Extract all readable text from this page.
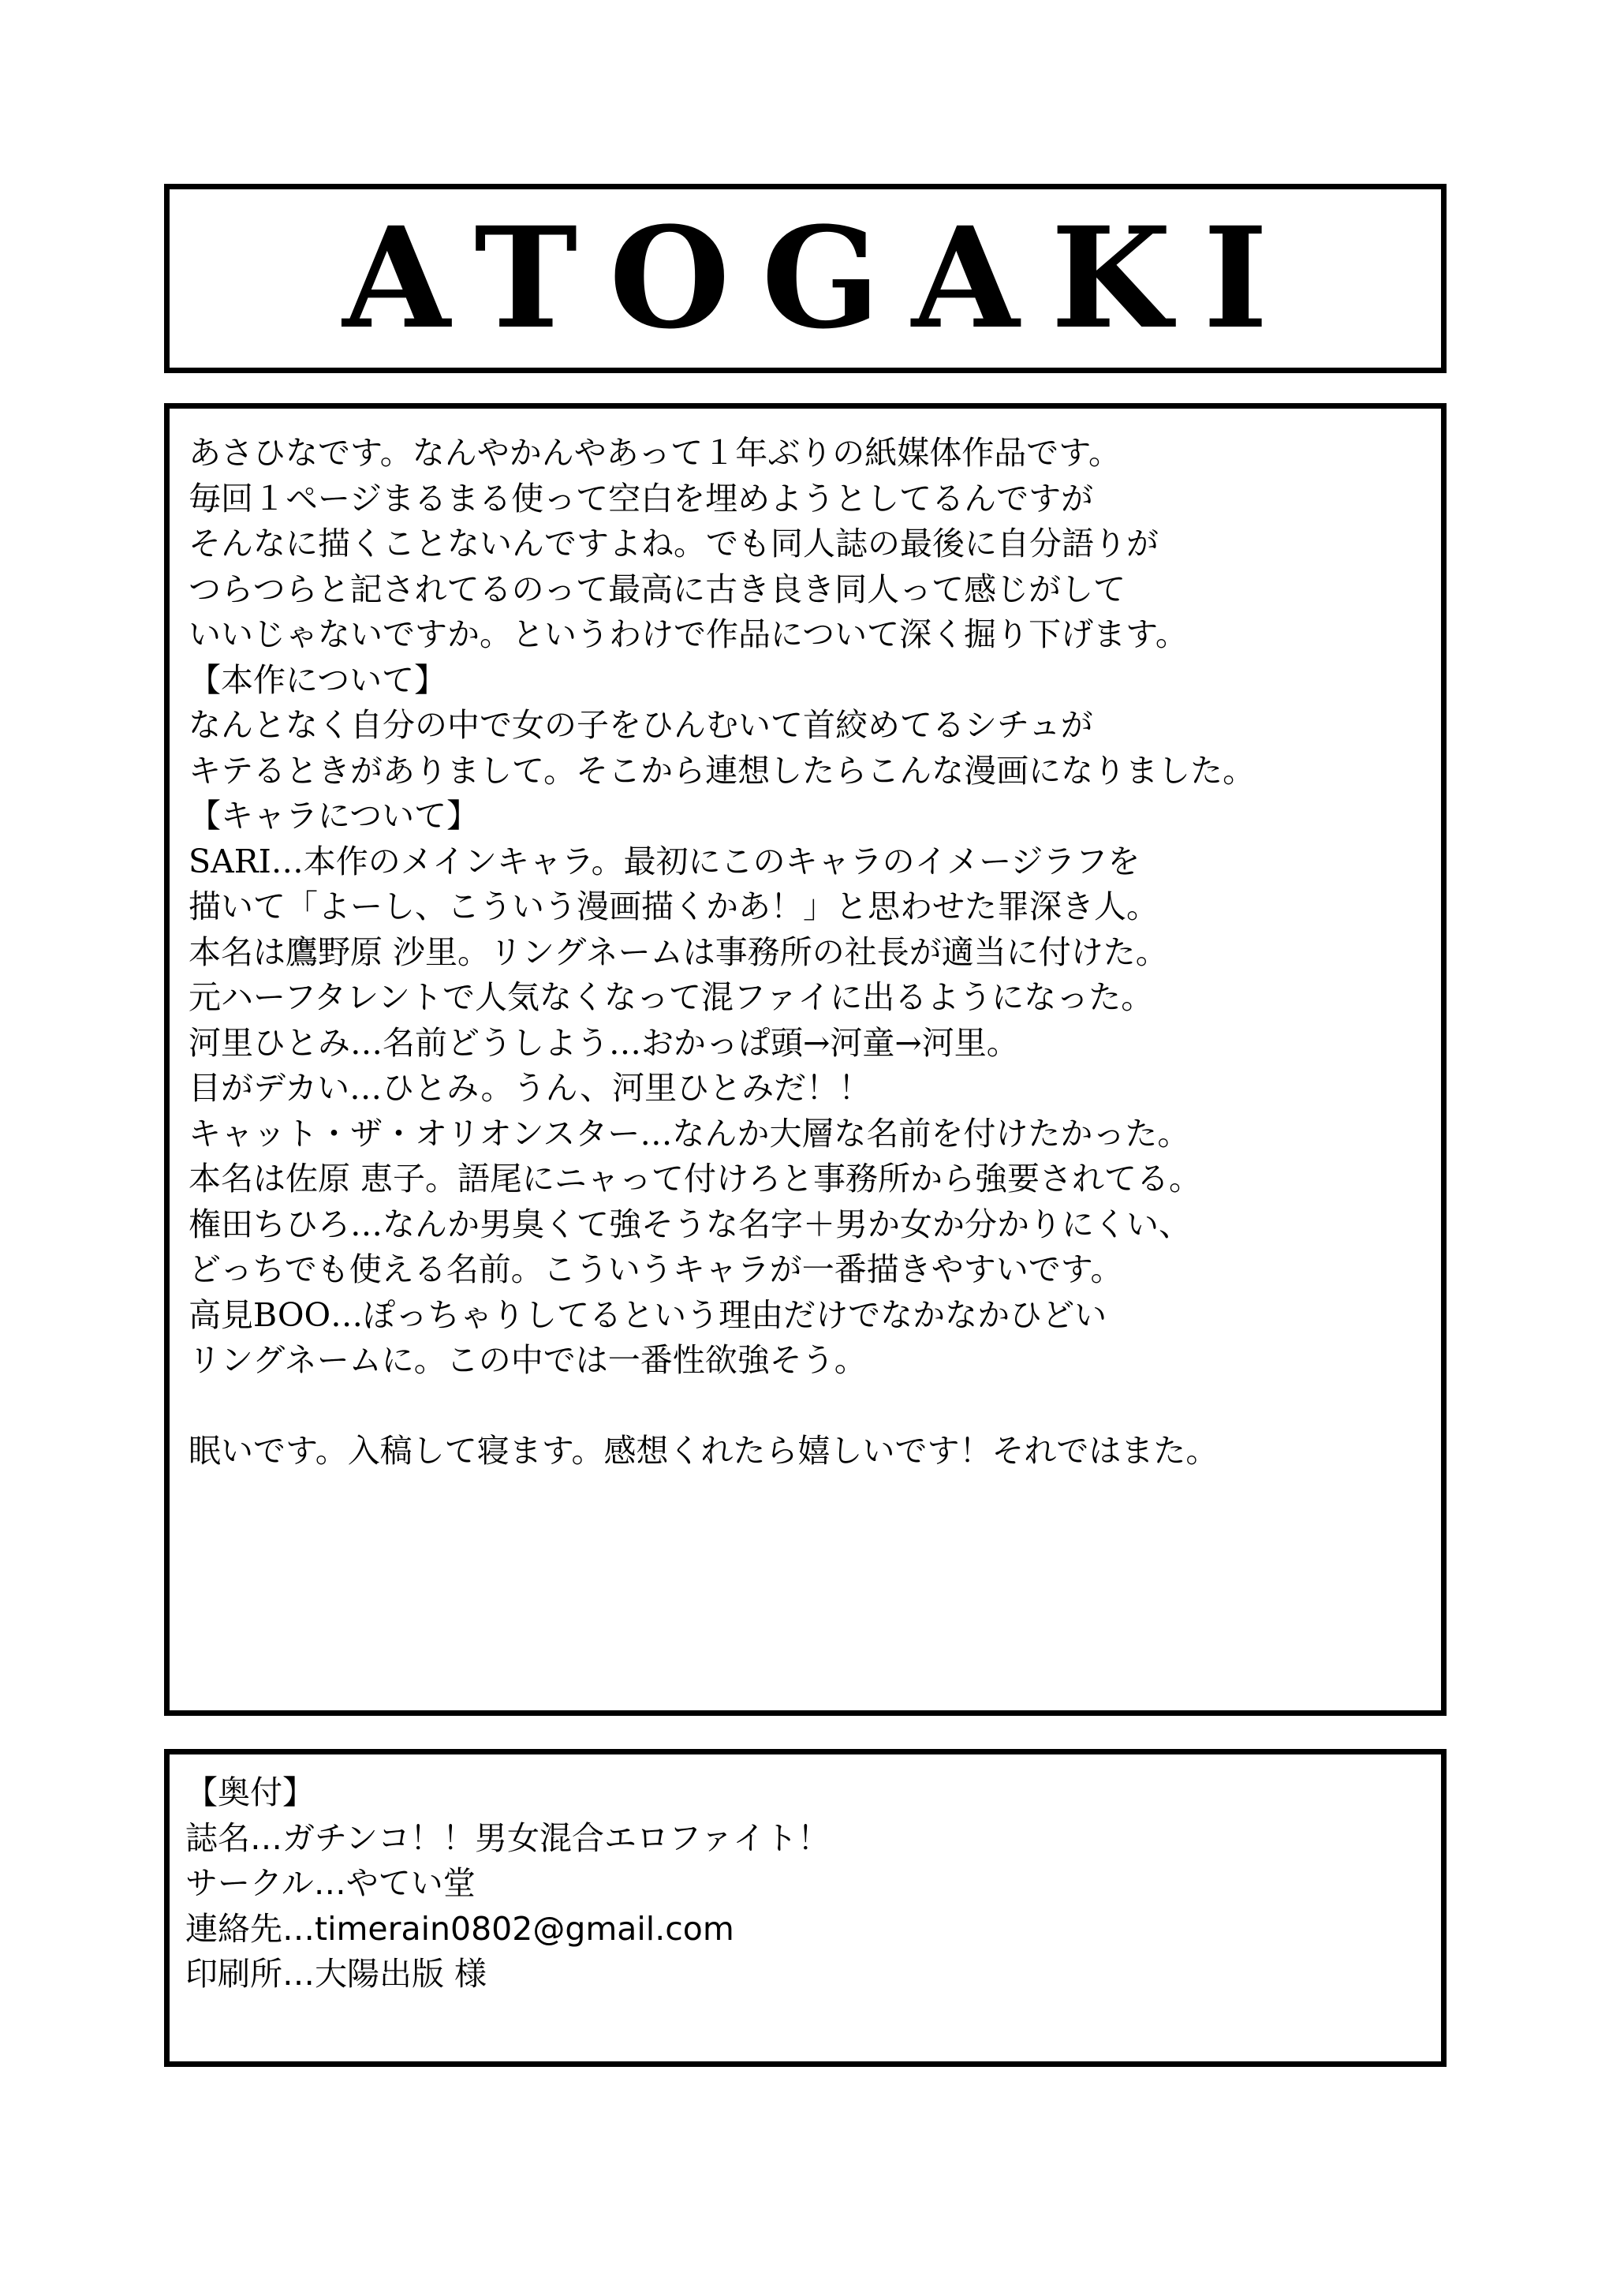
ATOGAKI
あさひなです。なんやかんやあって１年ぶりの紙媒体作品です。
毎回１ページまるまる使って空白を埋めようとしてるんですが
そんなに描くことないんですよね。でも同人誌の最後に自分語りが
つらつらと記されてるのって最高に古き良き同人って感じがして
いいじゃないですか。というわけで作品について深く掘り下げます。
【本作について】
なんとなく自分の中で女の子をひんむいて首絞めてるシチュが
キテるときがありまして。そこから連想したらこんな漫画になりました。
【キャラについて】
SARI…本作のメインキャラ。最初にこのキャラのイメージラフを
描いて「よーし、こういう漫画描くかあ！」と思わせた罪深き人。
本名は鷹野原 沙里。リングネームは事務所の社長が適当に付けた。
元ハーフタレントで人気なくなって混ファイに出るようになった。
河里ひとみ…名前どうしよう…おかっぱ頭→河童→河里。
目がデカい…ひとみ。うん、河里ひとみだ！！
キャット・ザ・オリオンスター…なんか大層な名前を付けたかった。
本名は佐原 恵子。語尾にニャって付けろと事務所から強要されてる。
権田ちひろ…なんか男臭くて強そうな名字＋男か女か分かりにくい、
どっちでも使える名前。こういうキャラが一番描きやすいです。
高見BOO…ぽっちゃりしてるという理由だけでなかなかひどい
リングネームに。この中では一番性欲強そう。
眠いです。入稿して寝ます。感想くれたら嬉しいです！それではまた。
【奥付】
誌名…ガチンコ！！男女混合エロファイト！
サークル…やてい堂
連絡先…timerain0802@gmail.com
印刷所…大陽出版 様
